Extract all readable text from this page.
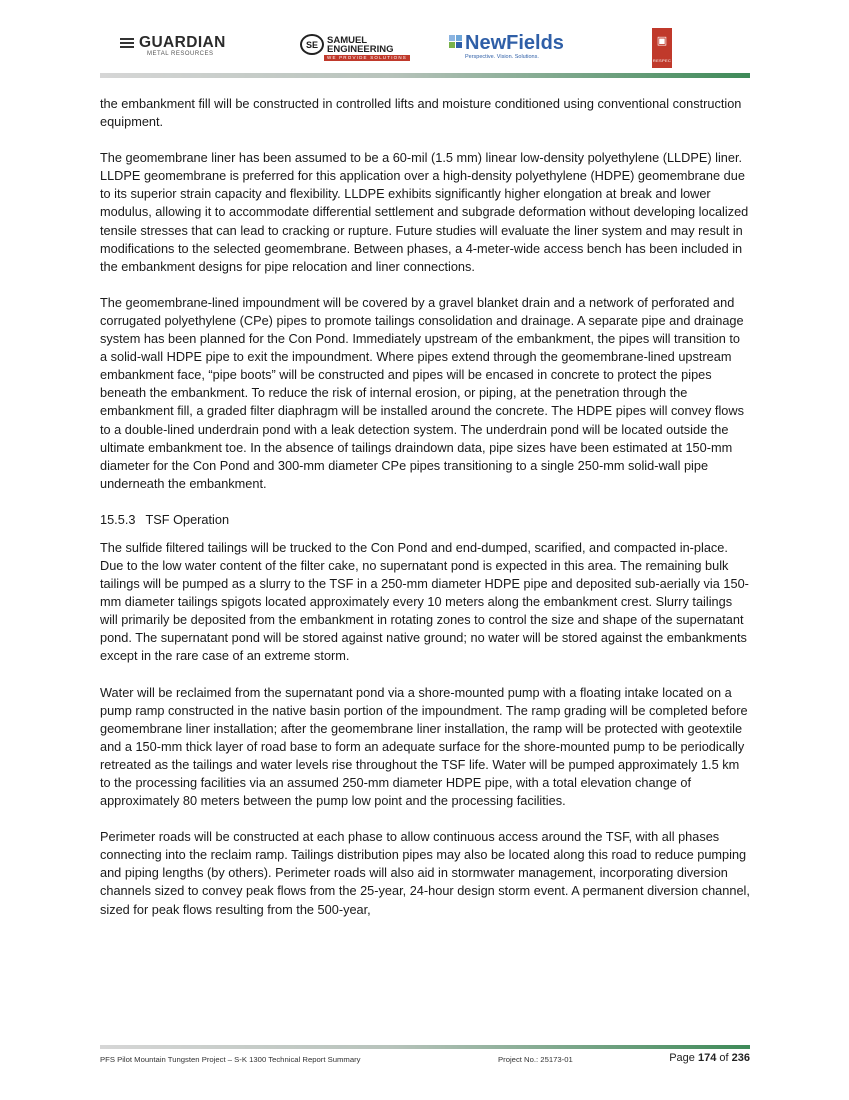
GUARDIAN
METAL RESOURCES
SE SAMUEL
ENGINEERING
WE PROVIDE SOLUTIONS
NewFields
Perspective. Vision. Solutions.
▣
RESPEC

the embankment fill will be constructed in controlled lifts and moisture conditioned using conventional construction equipment.

The geomembrane liner has been assumed to be a 60-mil (1.5 mm) linear low-density polyethylene (LLDPE) liner. LLDPE geomembrane is preferred for this application over a high-density polyethylene (HDPE) geomembrane due to its superior strain capacity and flexibility. LLDPE exhibits significantly higher elongation at break and lower modulus, allowing it to accommodate differential settlement and subgrade deformation without developing localized tensile stresses that can lead to cracking or rupture. Future studies will evaluate the liner system and may result in modifications to the selected geomembrane. Between phases, a 4-meter-wide access bench has been included in the embankment designs for pipe relocation and liner connections.

The geomembrane-lined impoundment will be covered by a gravel blanket drain and a network of perforated and corrugated polyethylene (CPe) pipes to promote tailings consolidation and drainage. A separate pipe and drainage system has been planned for the Con Pond. Immediately upstream of the embankment, the pipes will transition to a solid-wall HDPE pipe to exit the impoundment. Where pipes extend through the geomembrane-lined upstream embankment face, “pipe boots” will be constructed and pipes will be encased in concrete to protect the pipes beneath the embankment. To reduce the risk of internal erosion, or piping, at the penetration through the embankment fill, a graded filter diaphragm will be installed around the concrete. The HDPE pipes will convey flows to a double-lined underdrain pond with a leak detection system. The underdrain pond will be located outside the ultimate embankment toe. In the absence of tailings draindown data, pipe sizes have been estimated at 150-mm diameter for the Con Pond and 300-mm diameter CPe pipes transitioning to a single 250-mm solid-wall pipe underneath the embankment.

15.5.3 TSF Operation

The sulfide filtered tailings will be trucked to the Con Pond and end-dumped, scarified, and compacted in-place. Due to the low water content of the filter cake, no supernatant pond is expected in this area. The remaining bulk tailings will be pumped as a slurry to the TSF in a 250-mm diameter HDPE pipe and deposited sub-aerially via 150-mm diameter tailings spigots located approximately every 10 meters along the embankment crest. Slurry tailings will primarily be deposited from the embankment in rotating zones to control the size and shape of the supernatant pond. The supernatant pond will be stored against native ground; no water will be stored against the embankments except in the rare case of an extreme storm.

Water will be reclaimed from the supernatant pond via a shore-mounted pump with a floating intake located on a pump ramp constructed in the native basin portion of the impoundment. The ramp grading will be completed before geomembrane liner installation; after the geomembrane liner installation, the ramp will be protected with geotextile and a 150-mm thick layer of road base to form an adequate surface for the shore-mounted pump to be periodically retreated as the tailings and water levels rise throughout the TSF life. Water will be pumped approximately 1.5 km to the processing facilities via an assumed 250-mm diameter HDPE pipe, with a total elevation change of approximately 80 meters between the pump low point and the processing facilities.

Perimeter roads will be constructed at each phase to allow continuous access around the TSF, with all phases connecting into the reclaim ramp. Tailings distribution pipes may also be located along this road to reduce pumping and piping lengths (by others). Perimeter roads will also aid in stormwater management, incorporating diversion channels sized to convey peak flows from the 25-year, 24-hour design storm event. A permanent diversion channel, sized for peak flows resulting from the 500-year,

PFS Pilot Mountain Tungsten Project – S-K 1300 Technical Report Summary	Project No.: 25173-01	Page 174 of 236
